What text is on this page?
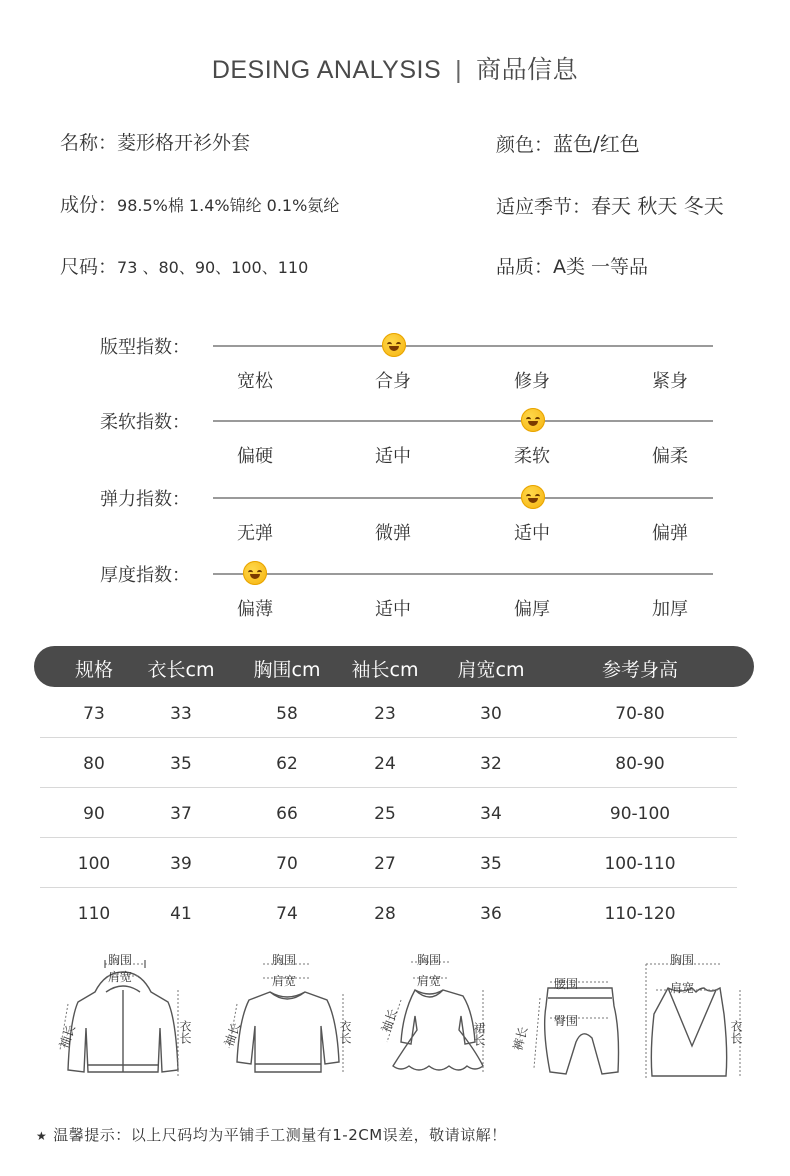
DESING ANALYSIS | 商品信息
名称：菱形格开衫外套	颜色：蓝色/红色
成份：98.5%棉 1.4%锦纶 0.1%氨纶	适应季节：春天 秋天 冬天
尺码：73 、80、90、100、110	品质：A类 一等品
版型指数：
宽松	合身	修身	紧身
柔软指数：
偏硬	适中	柔软	偏柔
弹力指数：
无弹	微弹	适中	偏弹
厚度指数：
偏薄	适中	偏厚	加厚
规格	衣长cm	胸围cm	袖长cm	肩宽cm	参考身高
73	33	58	23	30	70-80
80	35	62	24	32	80-90
90	37	66	25	34	90-100
100	39	70	27	35	100-110
110	41	74	28	36	110-120
胸围
肩宽
袖长	衣长
胸围
肩宽
袖长	衣长
胸围
肩宽
袖长	裙长
腰围
臀围
裤长
胸围
肩宽
衣长
★ 温馨提示：以上尺码均为平铺手工测量有1-2CM误差，敬请谅解！
